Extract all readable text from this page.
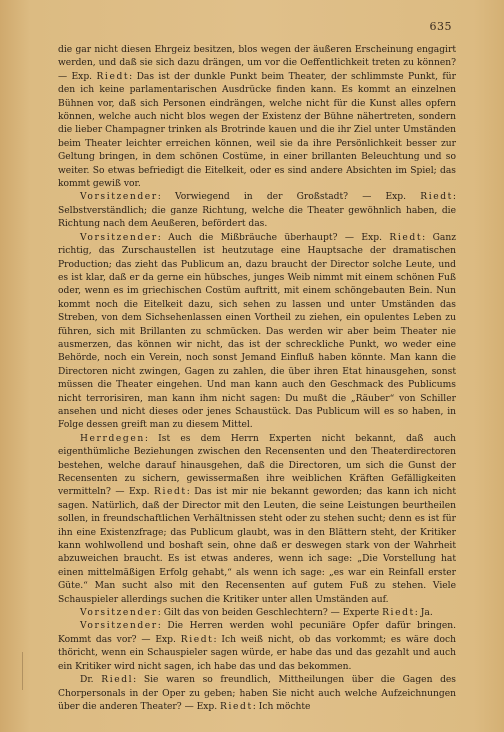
635

die gar nicht diesen Ehrgeiz besitzen, blos wegen der äußeren Erscheinung engagirt werden, und daß sie sich dazu drängen, um vor die Oeffentlichkeit treten zu können? — Exp. Riedt: Das ist der dunkle Punkt beim Theater, der schlimmste Punkt, für den ich keine parlamentarischen Ausdrücke finden kann. Es kommt an einzelnen Bühnen vor, daß sich Personen eindrängen, welche nicht für die Kunst alles opfern können, welche auch nicht blos wegen der Existenz der Bühne nähertreten, sondern die lieber Champagner trinken als Brotrinde kauen und die ihr Ziel unter Umständen beim Theater leichter erreichen können, weil sie da ihre Persönlichkeit besser zur Geltung bringen, in dem schönen Costüme, in einer brillanten Beleuchtung und so weiter. So etwas befriedigt die Eitelkeit, oder es sind andere Absichten im Spiel; das kommt gewiß vor.

Vorsitzender: Vorwiegend in der Großstadt? — Exp. Riedt: Selbstverständlich; die ganze Richtung, welche die Theater gewöhnlich haben, die Richtung nach dem Aeußeren, befördert das.

Vorsitzender: Auch die Mißbräuche überhaupt? — Exp. Riedt: Ganz richtig, das Zurschaustellen ist heutzutage eine Hauptsache der dramatischen Production; das zieht das Publicum an, dazu braucht der Director solche Leute, und es ist klar, daß er da gerne ein hübsches, junges Weib nimmt mit einem schönen Fuß oder, wenn es im griechischen Costüm auftritt, mit einem schöngebauten Bein. Nun kommt noch die Eitelkeit dazu, sich sehen zu lassen und unter Umständen das Streben, von dem Sichsehenlassen einen Vortheil zu ziehen, ein opulentes Leben zu führen, sich mit Brillanten zu schmücken. Das werden wir aber beim Theater nie ausmerzen, das können wir nicht, das ist der schreckliche Punkt, wo weder eine Behörde, noch ein Verein, noch sonst Jemand Einfluß haben könnte. Man kann die Directoren nicht zwingen, Gagen zu zahlen, die über ihren Etat hinausgehen, sonst müssen die Theater eingehen. Und man kann auch den Geschmack des Publicums nicht terrorisiren, man kann ihm nicht sagen: Du mußt die „Räuber“ von Schiller ansehen und nicht dieses oder jenes Schaustück. Das Publicum will es so haben, in Folge dessen greift man zu diesem Mittel.

Herrdegen: Ist es dem Herrn Experten nicht bekannt, daß auch eigenthümliche Beziehungen zwischen den Recensenten und den Theaterdirectoren bestehen, welche darauf hinausgehen, daß die Directoren, um sich die Gunst der Recensenten zu sichern, gewissermaßen ihre weiblichen Kräften Gefälligkeiten vermitteln? — Exp. Riedt: Das ist mir nie bekannt geworden; das kann ich nicht sagen. Natürlich, daß der Director mit den Leuten, die seine Leistungen beurtheilen sollen, in freundschaftlichen Verhältnissen steht oder zu stehen sucht; denn es ist für ihn eine Existenzfrage; das Publicum glaubt, was in den Blättern steht, der Kritiker kann wohlwollend und boshaft sein, ohne daß er deswegen stark von der Wahrheit abzuweichen braucht. Es ist etwas anderes, wenn ich sage: „Die Vorstellung hat einen mittelmäßigen Erfolg gehabt,“ als wenn ich sage: „es war ein Reinfall erster Güte.“ Man sucht also mit den Recensenten auf gutem Fuß zu stehen. Viele Schauspieler allerdings suchen die Kritiker unter allen Umständen auf.

Vorsitzender: Gilt das von beiden Geschlechtern? — Experte Riedt: Ja.

Vorsitzender: Die Herren werden wohl pecuniäre Opfer dafür bringen. Kommt das vor? — Exp. Riedt: Ich weiß nicht, ob das vorkommt; es wäre doch thöricht, wenn ein Schauspieler sagen würde, er habe das und das gezahlt und auch ein Kritiker wird nicht sagen, ich habe das und das bekommen.

Dr. Riedl: Sie waren so freundlich, Mittheilungen über die Gagen des Chorpersonals in der Oper zu geben; haben Sie nicht auch welche Aufzeichnungen über die anderen Theater? — Exp. Riedt: Ich möchte
